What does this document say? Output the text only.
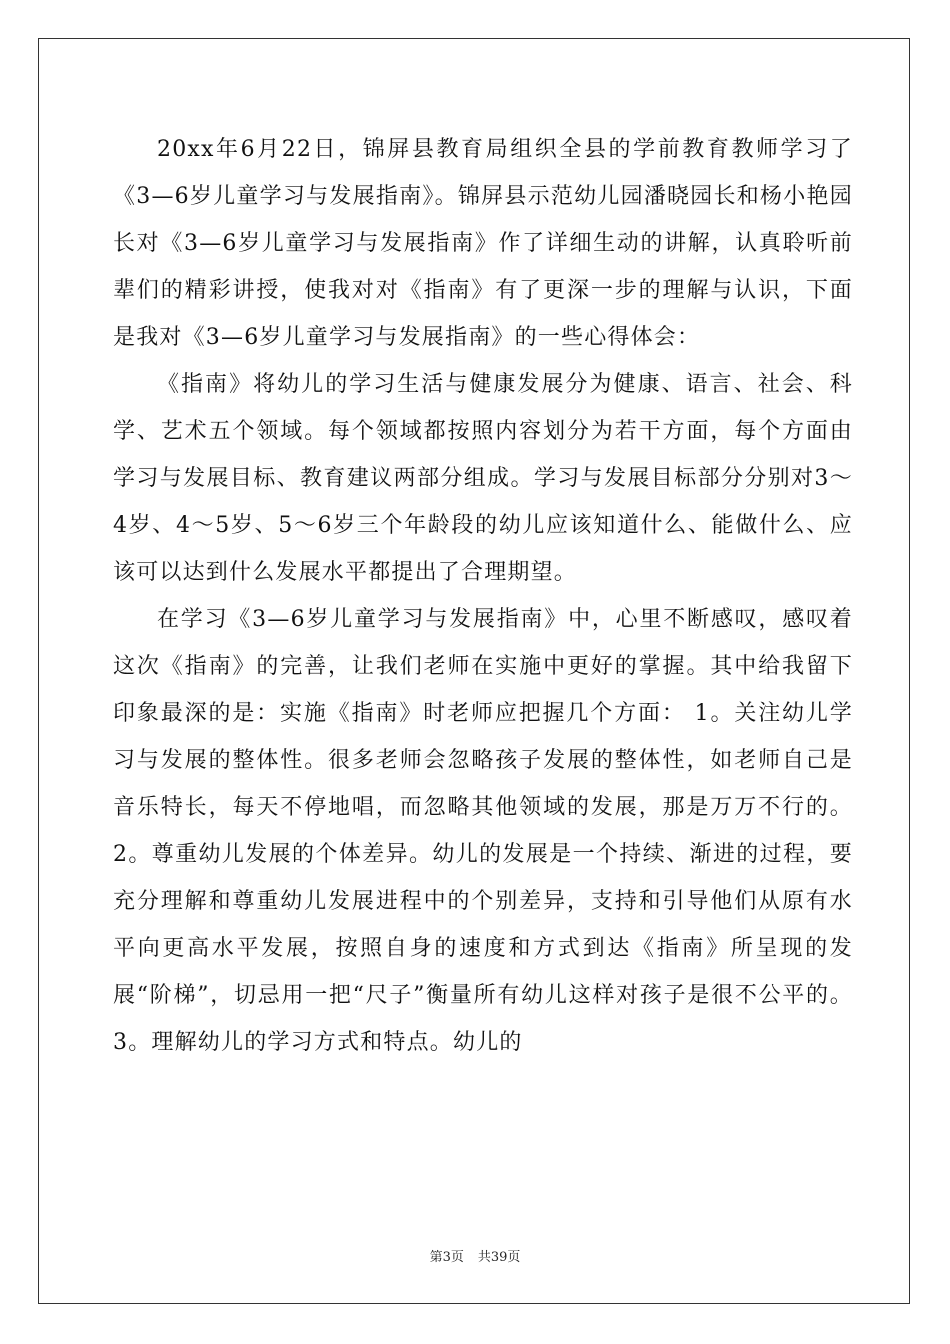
20xx年6月22日，锦屏县教育局组织全县的学前教育教师学习了《3—6岁儿童学习与发展指南》。锦屏县示范幼儿园潘晓园长和杨小艳园长对《3—6岁儿童学习与发展指南》作了详细生动的讲解，认真聆听前辈们的精彩讲授，使我对对《指南》有了更深一步的理解与认识，下面是我对《3—6岁儿童学习与发展指南》的一些心得体会：

《指南》将幼儿的学习生活与健康发展分为健康、语言、社会、科学、艺术五个领域。每个领域都按照内容划分为若干方面，每个方面由学习与发展目标、教育建议两部分组成。学习与发展目标部分分别对3～4岁、4～5岁、5～6岁三个年龄段的幼儿应该知道什么、能做什么、应该可以达到什么发展水平都提出了合理期望。

在学习《3—6岁儿童学习与发展指南》中，心里不断感叹，感叹着这次《指南》的完善，让我们老师在实施中更好的掌握。其中给我留下印象最深的是：实施《指南》时老师应把握几个方面： 1。关注幼儿学习与发展的整体性。很多老师会忽略孩子发展的整体性，如老师自己是音乐特长，每天不停地唱，而忽略其他领域的发展，那是万万不行的。2。尊重幼儿发展的个体差异。幼儿的发展是一个持续、渐进的过程，要充分理解和尊重幼儿发展进程中的个别差异，支持和引导他们从原有水平向更高水平发展，按照自身的速度和方式到达《指南》所呈现的发展“阶梯”，切忌用一把“尺子”衡量所有幼儿这样对孩子是很不公平的。3。理解幼儿的学习方式和特点。幼儿的

第3页 共39页
